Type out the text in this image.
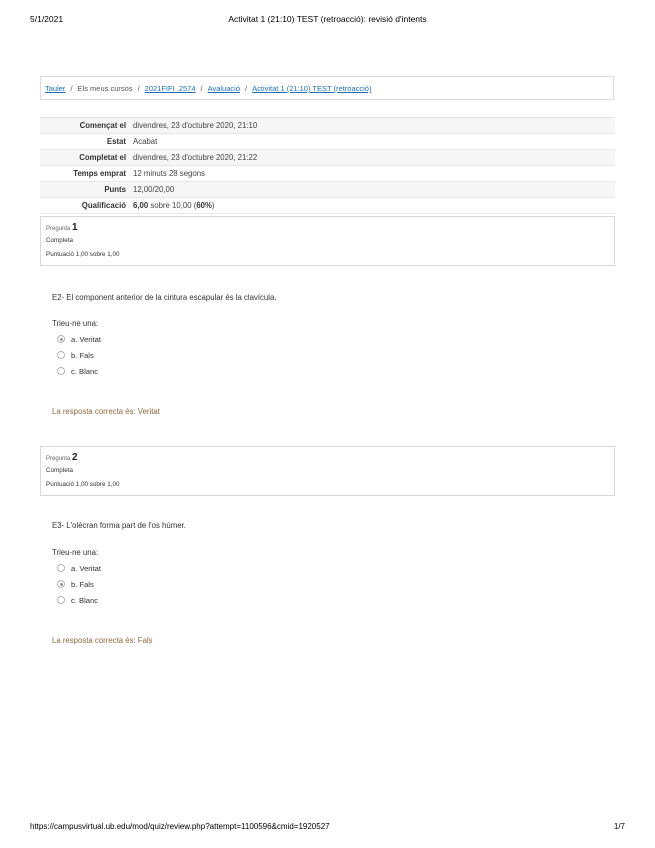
5/1/2021	Activitat 1 (21:10) TEST (retroacció): revisió d'intents
Tauler / Els meus cursos / 2021FIFI_2574 / Avaluació / Activitat 1 (21:10) TEST (retroacció)
Començat el divendres, 23 d'octubre 2020, 21:10
Estat Acabat
Completat el divendres, 23 d'octubre 2020, 21:22
Temps emprat 12 minuts 28 segons
Punts 12,00/20,00
Qualificació 6,00 sobre 10,00 (60%)
Pregunta 1
Completa
Puntuació 1,00 sobre 1,00
E2- El component anterior de la cintura escapular és la clavícula.
Trieu-ne una:
a. Veritat
b. Fals
c. Blanc
La resposta correcta és: Veritat
Pregunta 2
Completa
Puntuació 1,00 sobre 1,00
E3- L'olècran forma part de l'os húmer.
Trieu-ne una:
a. Veritat
b. Fals
c. Blanc
La resposta correcta és: Fals
https://campusvirtual.ub.edu/mod/quiz/review.php?attempt=1100596&cmid=1920527	1/7
